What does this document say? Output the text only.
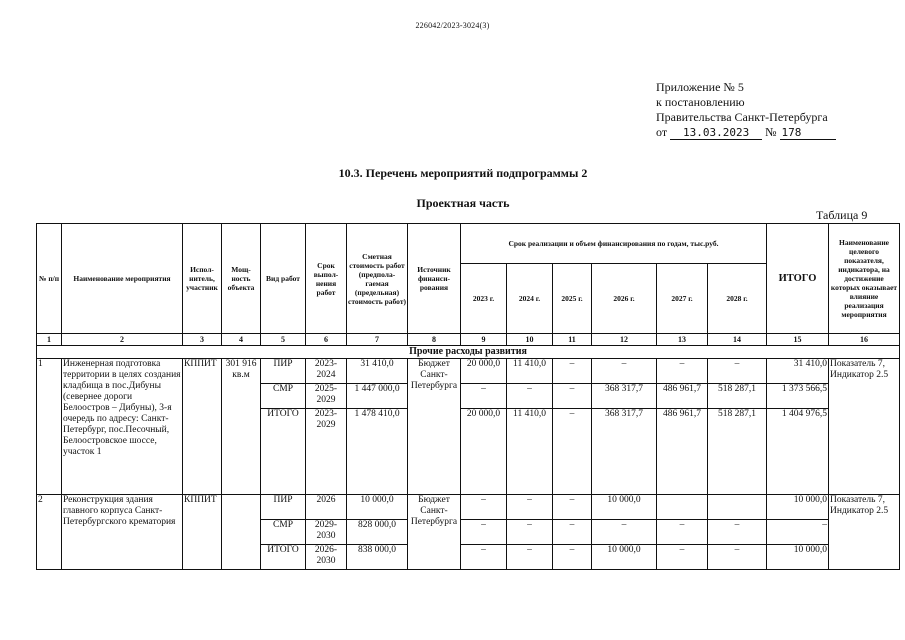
226042/2023-3024(3)
Приложение № 5
к постановлению
Правительства Санкт-Петербурга
от 13.03.2023 № 178
10.3. Перечень мероприятий подпрограммы 2
Проектная часть
Таблица 9
№ п/п	Наименование мероприятия	Испол-нитель, участник	Мощ-ность объекта	Вид работ	Срок выпол-нения работ	Сметная стоимость работ (предпола-гаемая (предельная) стоимость работ)	Источник финанси-рования	Срок реализации и объем финансирования по годам, тыс.руб.						ИТОГО	Наименование целевого показателя, индикатора, на достижение которых оказывает влияние реализация мероприятия
								2023 г.	2024 г.	2025 г.	2026 г.	2027 г.	2028 г.		
1	2	3	4	5	6	7	8	9	10	11	12	13	14	15	16
Прочие расходы развития															
1	Инженерная подготовка территории в целях создания кладбища в пос.Дибуны (севернее дороги Белоостров – Дибуны), 3-я очередь по адресу: Санкт-Петербург, пос.Песочный, Белоостровское шоссе, участок 1	КППИТ	301 916 кв.м	ПИР	2023-2024	31 410,0	Бюджет Санкт-Петербурга	20 000,0	11 410,0	–	–	–	–	31 410,0	Показатель 7, Индикатор 2.5
				СМР	2025-2029	1 447 000,0		–	–	–	368 317,7	486 961,7	518 287,1	1 373 566,5	
				ИТОГО	2023-2029	1 478 410,0		20 000,0	11 410,0	–	368 317,7	486 961,7	518 287,1	1 404 976,5	
2	Реконструкция здания главного корпуса Санкт-Петербургского крематория	КППИТ		ПИР	2026	10 000,0	Бюджет Санкт-Петербурга	–	–	–	10 000,0			10 000,0	Показатель 7, Индикатор 2.5
				СМР	2029-2030	828 000,0		–	–	–	–	–	–	–	
				ИТОГО	2026-2030	838 000,0		–	–	–	10 000,0	–	–	10 000,0	
